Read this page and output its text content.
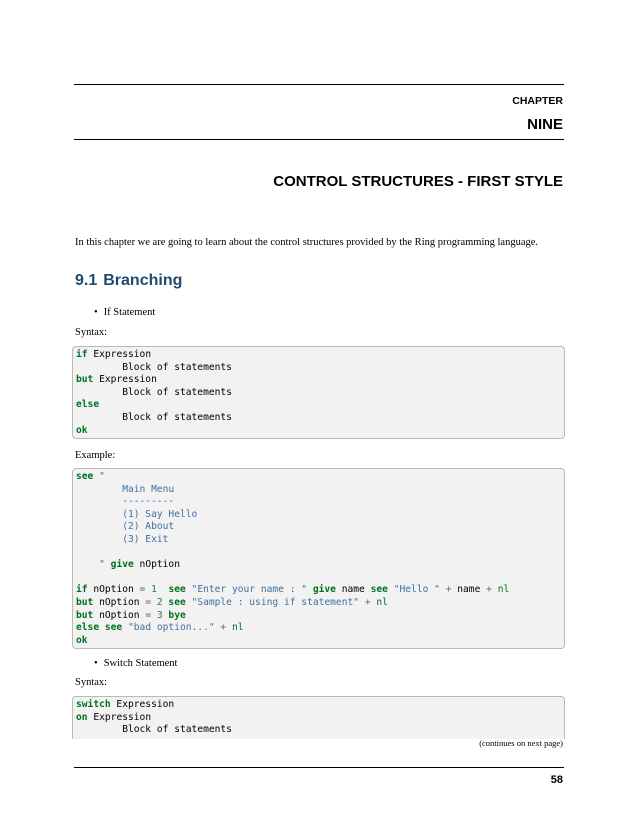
CHAPTER
NINE
CONTROL STRUCTURES - FIRST STYLE
In this chapter we are going to learn about the control structures provided by the Ring programming language.
9.1 Branching
• If Statement
Syntax:
if Expression
Block of statements
but Expression
Block of statements
else
Block of statements
ok
Example:
see "
Main Menu
---------
(1) Say Hello
(2) About
(3) Exit
" give nOption
if nOption = 1  see "Enter your name : " give name see "Hello " + name + nl
but nOption = 2 see "Sample : using if statement" + nl
but nOption = 3 bye
else see "bad option..." + nl
ok
• Switch Statement
Syntax:
switch Expression
on Expression
Block of statements
(continues on next page)
58
